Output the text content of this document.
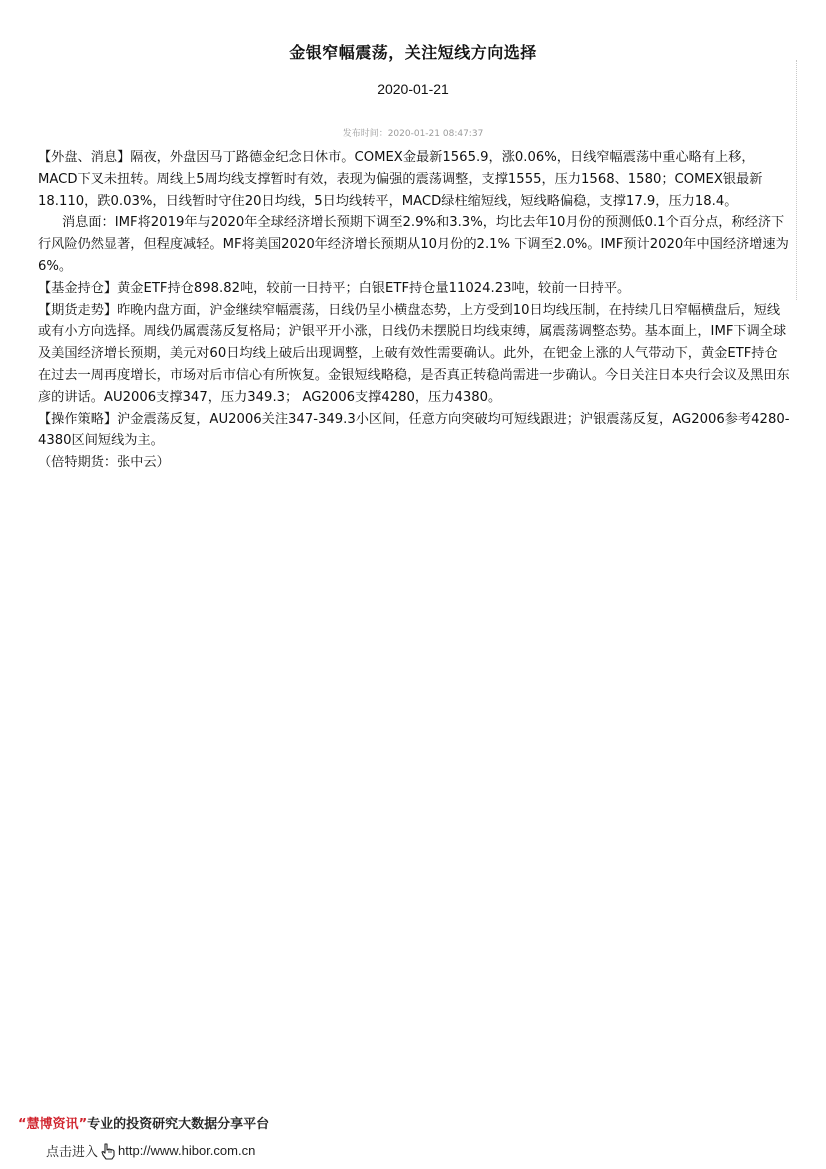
金银窄幅震荡，关注短线方向选择
2020-01-21
发布时间：2020-01-21 08:47:37

【外盘、消息】隔夜，外盘因马丁路德金纪念日休市。COMEX金最新1565.9，涨0.06%，日线窄幅震荡中重心略有上移，MACD下叉未扭转。周线上5周均线支撑暂时有效，表现为偏强的震荡调整，支撑1555，压力1568、1580；COMEX银最新18.110，跌0.03%，日线暂时守住20日均线，5日均线转平，MACD绿柱缩短线，短线略偏稳，支撑17.9，压力18.4。

消息面：IMF将2019年与2020年全球经济增长预期下调至2.9%和3.3%，均比去年10月份的预测低0.1个百分点，称经济下行风险仍然显著，但程度减轻。MF将美国2020年经济增长预期从10月份的2.1% 下调至2.0%。IMF预计2020年中国经济增速为6%。

【基金持仓】黄金ETF持仓898.82吨，较前一日持平；白银ETF持仓量11024.23吨，较前一日持平。

【期货走势】昨晚内盘方面，沪金继续窄幅震荡，日线仍呈小横盘态势，上方受到10日均线压制，在持续几日窄幅横盘后，短线或有小方向选择。周线仍属震荡反复格局；沪银平开小涨，日线仍未摆脱日均线束缚，属震荡调整态势。基本面上，IMF下调全球及美国经济增长预期，美元对60日均线上破后出现调整，上破有效性需要确认。此外，在钯金上涨的人气带动下，黄金ETF持仓在过去一周再度增长，市场对后市信心有所恢复。金银短线略稳，是否真正转稳尚需进一步确认。今日关注日本央行会议及黑田东彦的讲话。AU2006支撑347，压力349.3； AG2006支撑4280，压力4380。

【操作策略】沪金震荡反复，AU2006关注347-349.3小区间，任意方向突破均可短线跟进；沪银震荡反复，AG2006参考4280-4380区间短线为主。

（倍特期货：张中云）

“慧博资讯”专业的投资研究大数据分享平台
点击进入 http://www.hibor.com.cn
